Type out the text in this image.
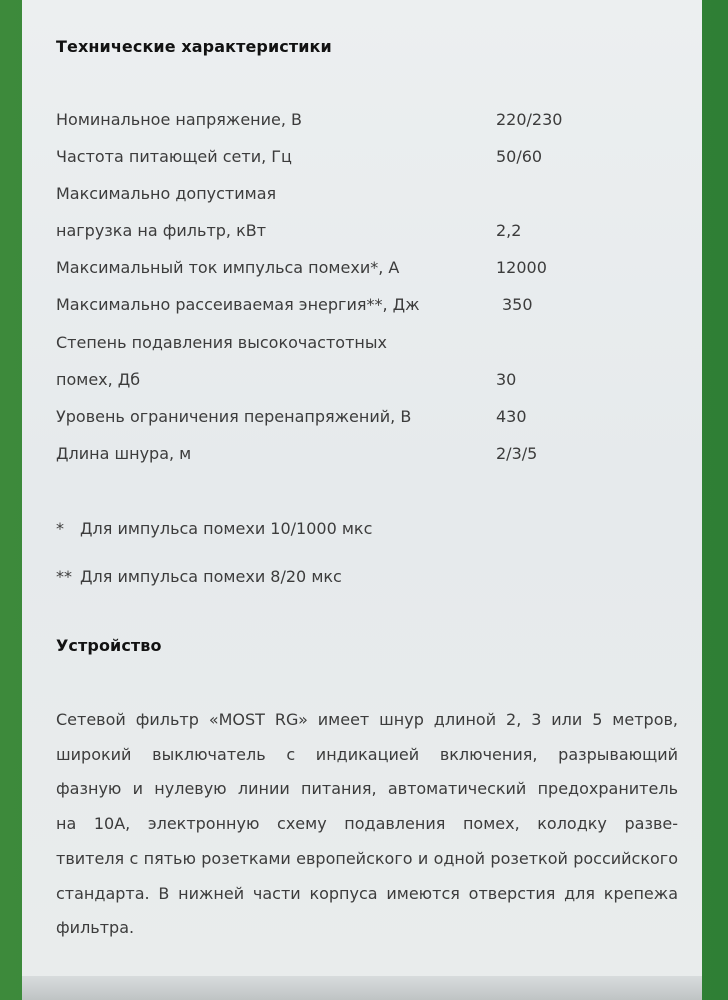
Технические характеристики
Номинальное напряжение, В	220/230
Частота питающей сети, Гц	50/60
Максимально допустимая
нагрузка на фильтр, кВт	2,2
Максимальный ток импульса помехи*, А	12000
Максимально рассеиваемая энергия**, Дж	350
Степень подавления высокочастотных
помех, Дб	30
Уровень ограничения перенапряжений, В	430
Длина шнура, м	2/3/5
* Для импульса помехи 10/1000 мкс
** Для импульса помехи 8/20 мкс
Устройство
Сетевой фильтр «MOST RG» имеет шнур длиной 2, 3 или 5 метров,
широкий выключатель с индикацией включения, разрывающий
фазную и нулевую линии питания, автоматический предохранитель
на 10А, электронную схему подавления помех, колодку разве-
твителя с пятью розетками европейского и одной розеткой российского
стандарта. В нижней части корпуса имеются отверстия для крепежа
фильтра.
